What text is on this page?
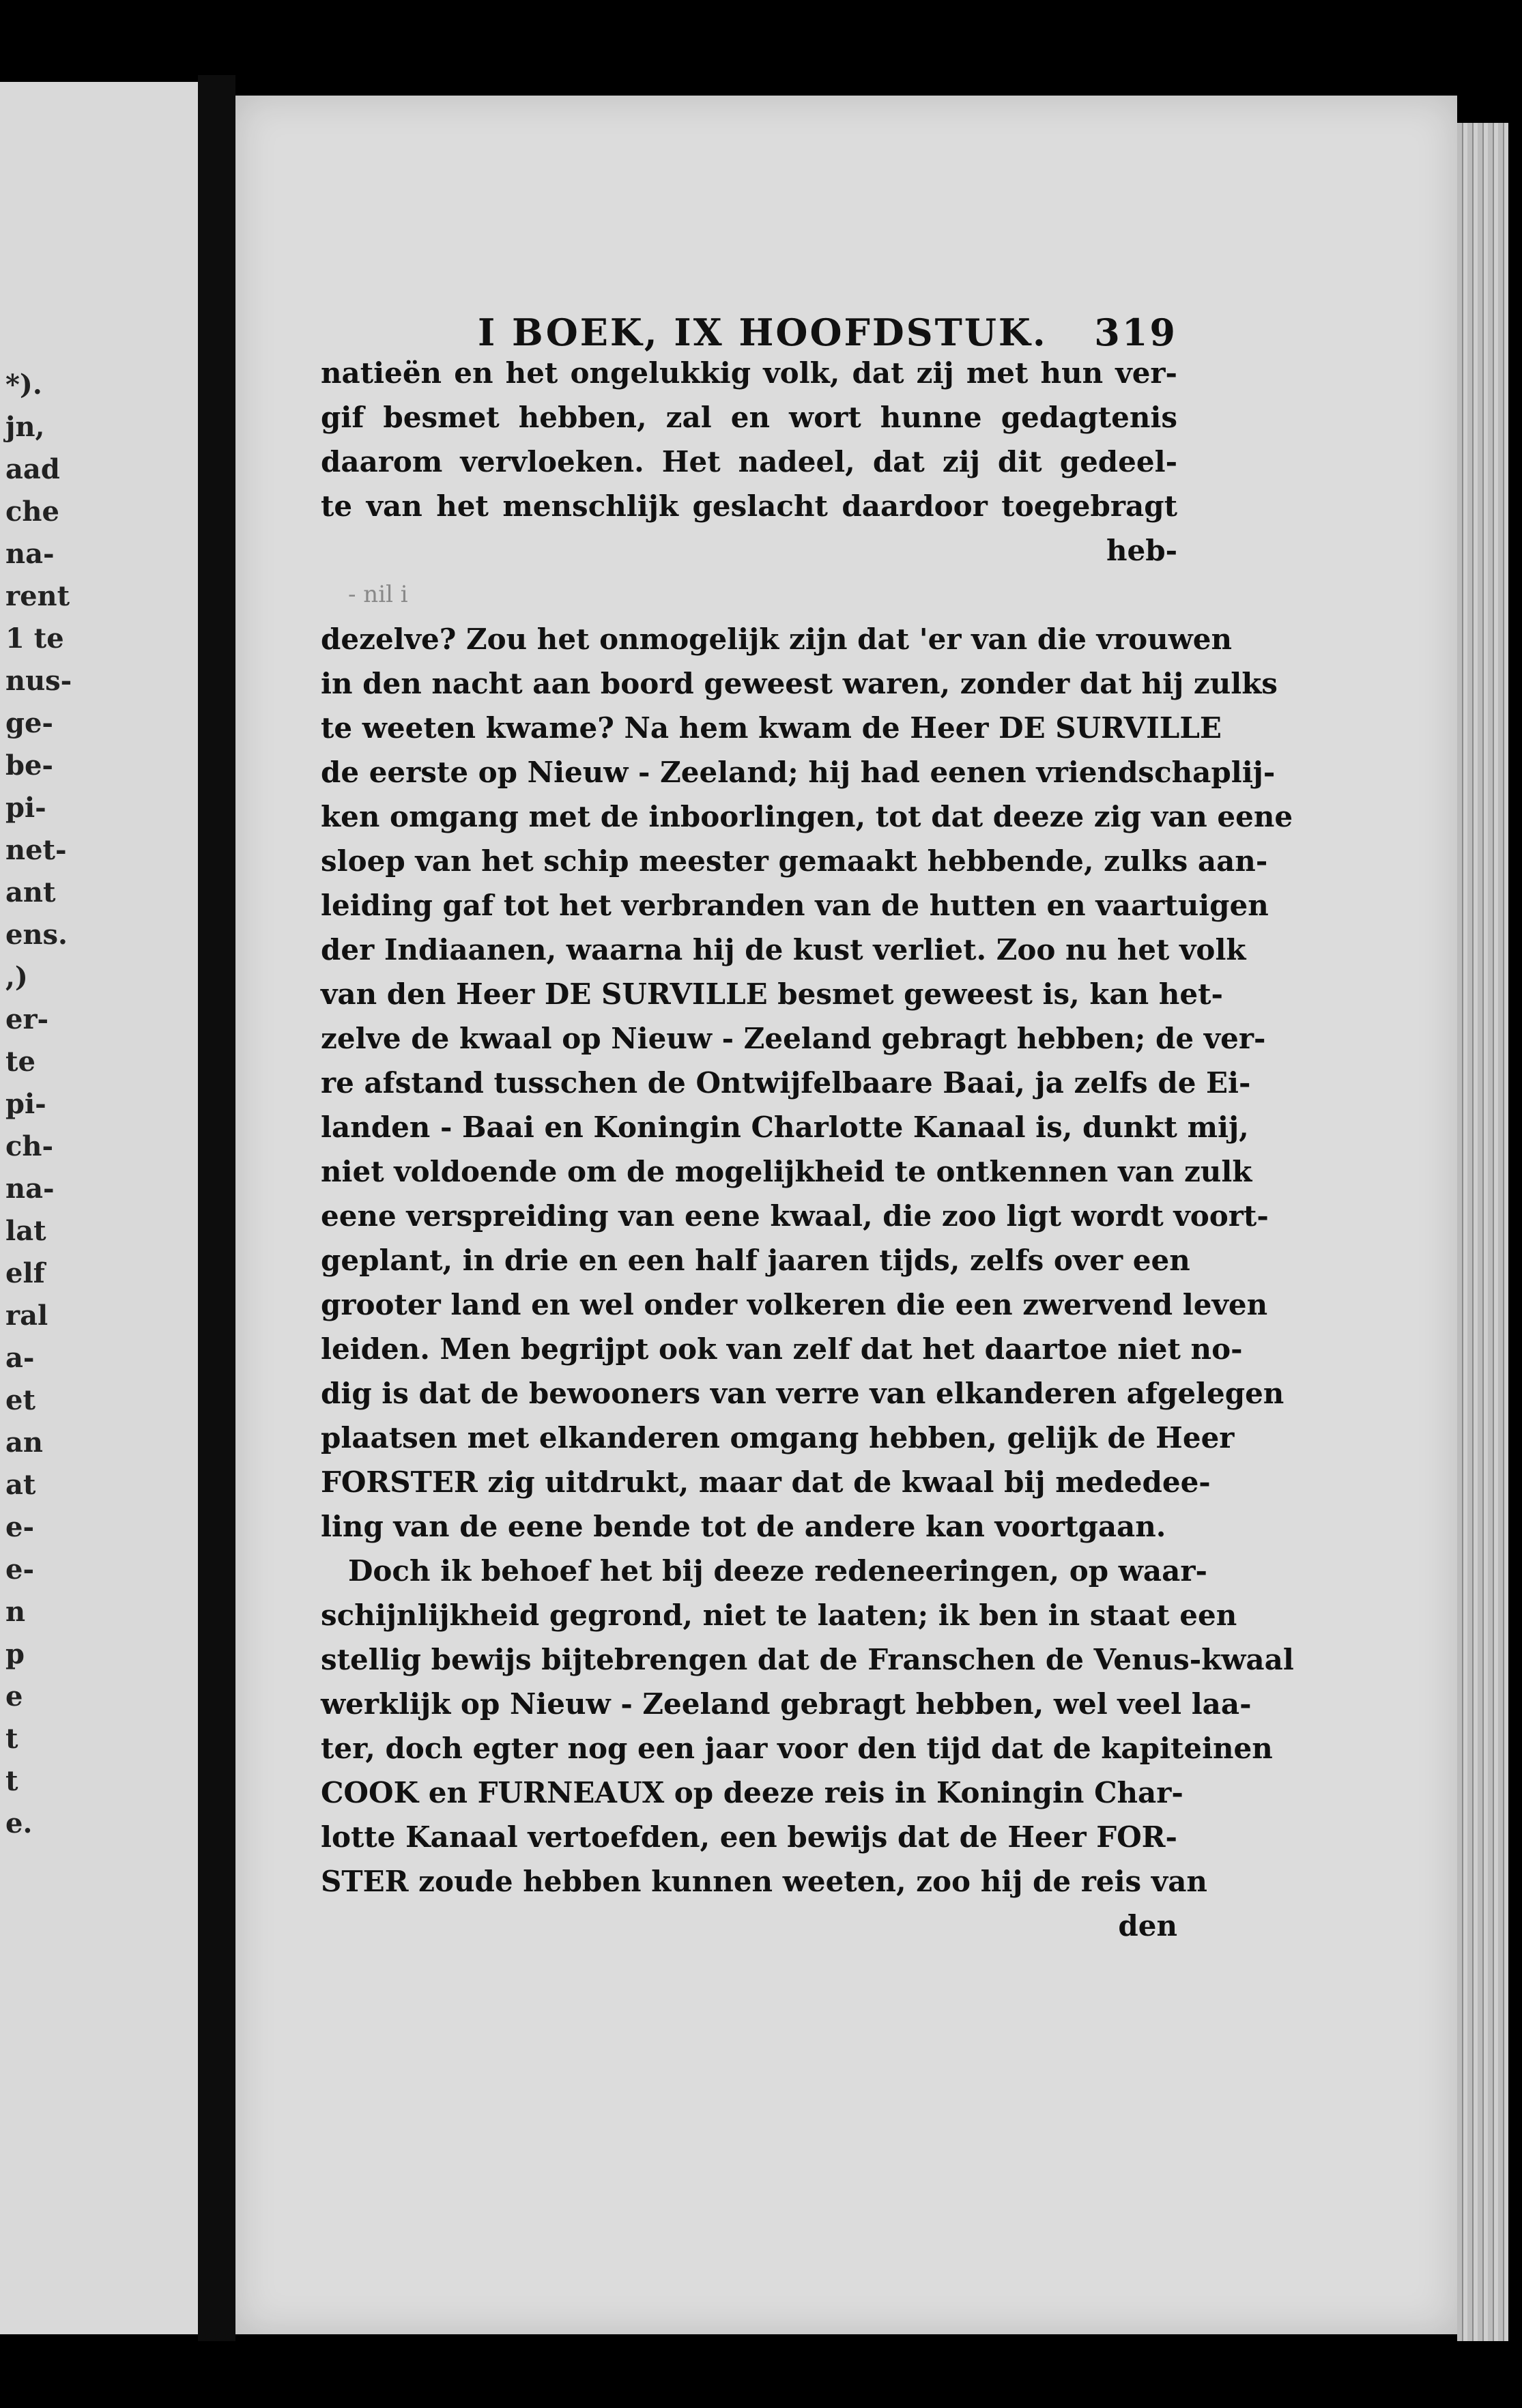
*).
jn,
aad
che
na-
rent
1 te
nus-
ge-
be-
pi-
net-
ant
ens.
,)
er-
te
pi-
ch-
na-
lat
elf
ral
a-
et
an
at
e-
e-
n
p
e
t
t
e.
I BOEK, IX HOOFDSTUK. 319
natieën en het ongelukkig volk, dat zij met hun ver-
gif besmet hebben, zal en wort hunne gedagtenis
daarom vervloeken. Het nadeel, dat zij dit gedeel-
te van het menschlijk geslacht daardoor toegebragt
heb-
- nil i
dezelve? Zou het onmogelijk zijn dat 'er van die vrouwen
in den nacht aan boord geweest waren, zonder dat hij zulks
te weeten kwame? Na hem kwam de Heer DE SURVILLE
de eerste op Nieuw - Zeeland; hij had eenen vriendschaplij-
ken omgang met de inboorlingen, tot dat deeze zig van eene
sloep van het schip meester gemaakt hebbende, zulks aan-
leiding gaf tot het verbranden van de hutten en vaartuigen
der Indiaanen, waarna hij de kust verliet. Zoo nu het volk
van den Heer DE SURVILLE besmet geweest is, kan het-
zelve de kwaal op Nieuw - Zeeland gebragt hebben; de ver-
re afstand tusschen de Ontwijfelbaare Baai, ja zelfs de Ei-
landen - Baai en Koningin Charlotte Kanaal is, dunkt mij,
niet voldoende om de mogelijkheid te ontkennen van zulk
eene verspreiding van eene kwaal, die zoo ligt wordt voort-
geplant, in drie en een half jaaren tijds, zelfs over een
grooter land en wel onder volkeren die een zwervend leven
leiden. Men begrijpt ook van zelf dat het daartoe niet no-
dig is dat de bewooners van verre van elkanderen afgelegen
plaatsen met elkanderen omgang hebben, gelijk de Heer
FORSTER zig uitdrukt, maar dat de kwaal bij mededee-
ling van de eene bende tot de andere kan voortgaan.
Doch ik behoef het bij deeze redeneeringen, op waar-
schijnlijkheid gegrond, niet te laaten; ik ben in staat een
stellig bewijs bijtebrengen dat de Franschen de Venus-kwaal
werklijk op Nieuw - Zeeland gebragt hebben, wel veel laa-
ter, doch egter nog een jaar voor den tijd dat de kapiteinen
COOK en FURNEAUX op deeze reis in Koningin Char-
lotte Kanaal vertoefden, een bewijs dat de Heer FOR-
STER zoude hebben kunnen weeten, zoo hij de reis van
den
